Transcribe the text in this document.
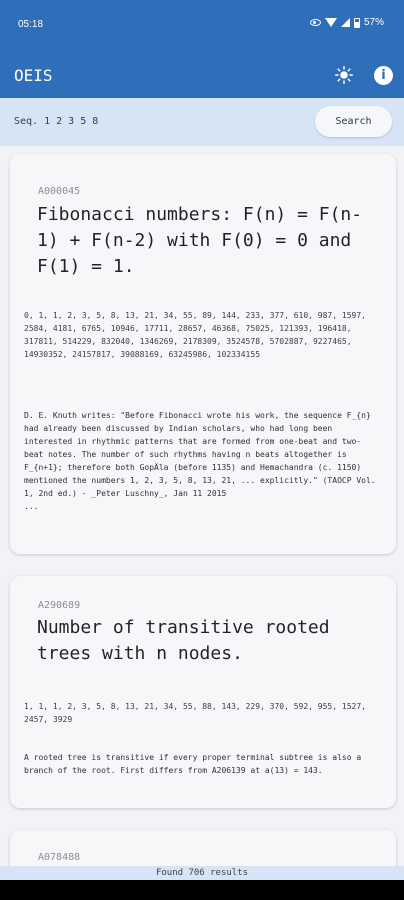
05:18	57%
OEIS	i
Seq. 1 2 3 5 8	Search
A000045
Fibonacci numbers: F(n) = F(n-1) + F(n-2) with F(0) = 0 and F(1) = 1.
0, 1, 1, 2, 3, 5, 8, 13, 21, 34, 55, 89, 144, 233, 377, 610, 987, 1597, 2584, 4181, 6765, 10946, 17711, 28657, 46368, 75025, 121393, 196418, 317811, 514229, 832040, 1346269, 2178309, 3524578, 5702887, 9227465, 14930352, 24157817, 39088169, 63245986, 102334155
D. E. Knuth writes: "Before Fibonacci wrote his work, the sequence F_{n} had already been discussed by Indian scholars, who had long been interested in rhythmic patterns that are formed from one-beat and two-beat notes. The number of such rhythms having n beats altogether is F_{n+1}; therefore both GopÄla (before 1135) and Hemachandra (c. 1150) mentioned the numbers 1, 2, 3, 5, 8, 13, 21, ... explicitly." (TAOCP Vol. 1, 2nd ed.) - _Peter Luschny_, Jan 11 2015
...
A290689
Number of transitive rooted trees with n nodes.
1, 1, 1, 2, 3, 5, 8, 13, 21, 34, 55, 88, 143, 229, 370, 592, 955, 1527, 2457, 3929
A rooted tree is transitive if every proper terminal subtree is also a branch of the root. First differs from A206139 at a(13) = 143.
A078488
Found 706 results
